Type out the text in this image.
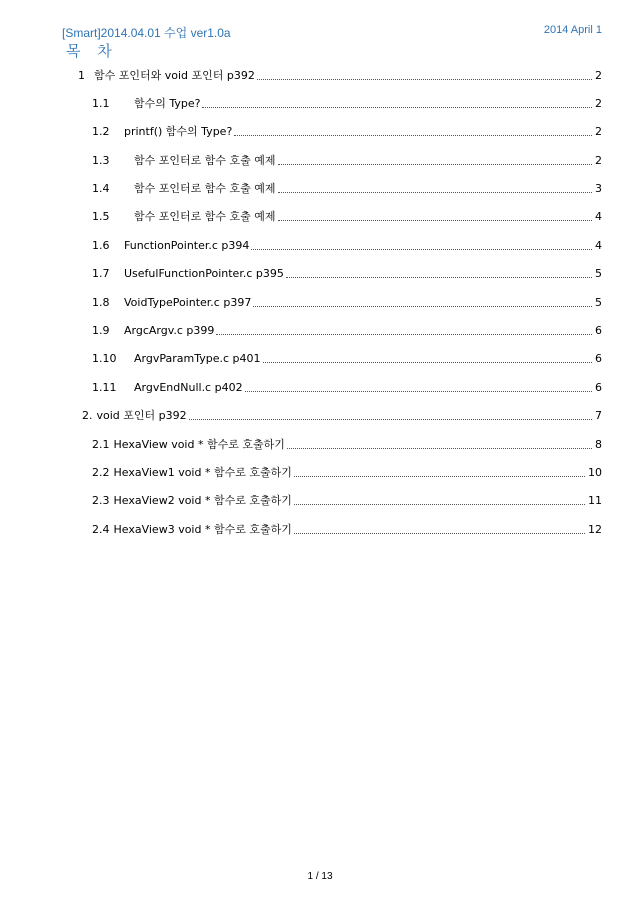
[Smart]2014.04.01 수업 ver1.0a	2014 April 1
목 차
1 함수 포인터와 void 포인터 p392	2
1.1	함수의 Type?	2
1.2	printf() 함수의 Type?	2
1.3	함수 포인터로 함수 호출 예제	2
1.4	함수 포인터로 함수 호출 예제	3
1.5	함수 포인터로 함수 호출 예제	4
1.6	FunctionPointer.c p394	4
1.7	UsefulFunctionPointer.c p395	5
1.8	VoidTypePointer.c p397	5
1.9	ArgcArgv.c p399	6
1.10	ArgvParamType.c p401	6
1.11	ArgvEndNull.c p402	6
2. void 포인터 p392	7
2.1 HexaView void * 함수로 호출하기	8
2.2 HexaView1 void * 함수로 호출하기	10
2.3 HexaView2 void * 함수로 호출하기	11
2.4 HexaView3 void * 함수로 호출하기	12
1 / 13
